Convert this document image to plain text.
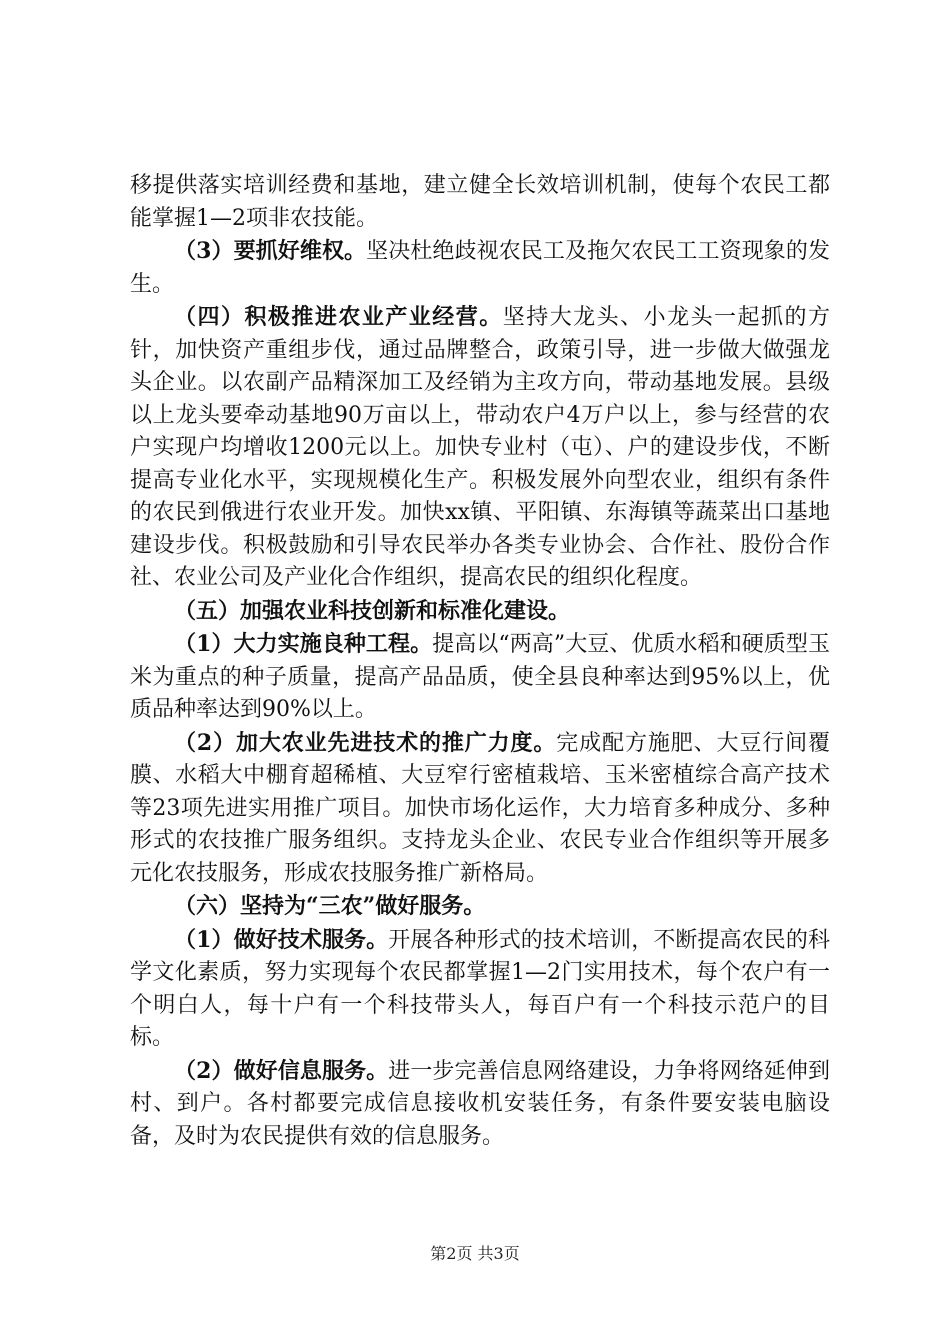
移提供落实培训经费和基地，建立健全长效培训机制，使每个农民工都能掌握1—2项非农技能。

（3）要抓好维权。坚决杜绝歧视农民工及拖欠农民工工资现象的发生。

（四）积极推进农业产业经营。坚持大龙头、小龙头一起抓的方针，加快资产重组步伐，通过品牌整合，政策引导，进一步做大做强龙头企业。以农副产品精深加工及经销为主攻方向，带动基地发展。县级以上龙头要牵动基地90万亩以上，带动农户4万户以上，参与经营的农户实现户均增收1200元以上。加快专业村（屯）、户的建设步伐，不断提高专业化水平，实现规模化生产。积极发展外向型农业，组织有条件的农民到俄进行农业开发。加快xx镇、平阳镇、东海镇等蔬菜出口基地建设步伐。积极鼓励和引导农民举办各类专业协会、合作社、股份合作社、农业公司及产业化合作组织，提高农民的组织化程度。

（五）加强农业科技创新和标准化建设。

（1）大力实施良种工程。提高以“两高”大豆、优质水稻和硬质型玉米为重点的种子质量，提高产品品质，使全县良种率达到95%以上，优质品种率达到90%以上。

（2）加大农业先进技术的推广力度。完成配方施肥、大豆行间覆膜、水稻大中棚育超稀植、大豆窄行密植栽培、玉米密植综合高产技术等23项先进实用推广项目。加快市场化运作，大力培育多种成分、多种形式的农技推广服务组织。支持龙头企业、农民专业合作组织等开展多元化农技服务，形成农技服务推广新格局。

（六）坚持为“三农”做好服务。

（1）做好技术服务。开展各种形式的技术培训，不断提高农民的科学文化素质，努力实现每个农民都掌握1—2门实用技术，每个农户有一个明白人，每十户有一个科技带头人，每百户有一个科技示范户的目标。

（2）做好信息服务。进一步完善信息网络建设，力争将网络延伸到村、到户。各村都要完成信息接收机安装任务，有条件要安装电脑设备，及时为农民提供有效的信息服务。

第2页 共3页
